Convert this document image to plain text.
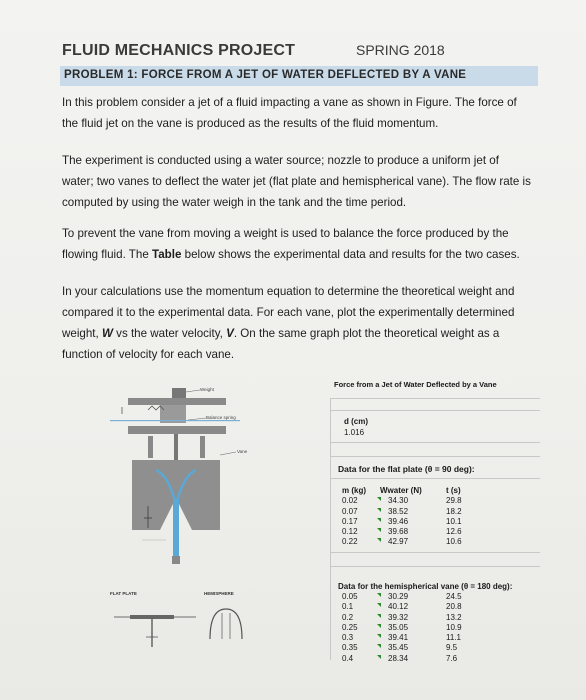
FLUID MECHANICS PROJECT	SPRING 2018
PROBLEM 1: FORCE FROM A JET OF WATER DEFLECTED BY A VANE
In this problem consider a jet of a fluid impacting a vane as shown in Figure. The force of the fluid jet on the vane is produced as the results of the fluid momentum.
The experiment is conducted using a water source; nozzle to produce a uniform jet of water; two vanes to deflect the water jet (flat plate and hemispherical vane). The flow rate is computed by using the water weigh in the tank and the time period.
To prevent the vane from moving a weight is used to balance the force produced by the flowing fluid. The Table below shows the experimental data and results for the two cases.
In your calculations use the momentum equation to determine the theoretical weight and compared it to the experimental data. For each vane, plot the experimentally determined weight, W vs the water velocity, V. On the same graph plot the theoretical weight as a function of velocity for each vane.
Weight
Balance spring
Vane
FLAT PLATE	HEMISPHERE
Force from a Jet of Water Deflected by a Vane
d (cm)
1.016
Data for the flat plate (θ = 90 deg):
m (kg) Wwater (N)	t (s)
0.02	34.30	29.8
0.07	38.52	18.2
0.17	39.46	10.1
0.12	39.68	12.6
0.22	42.97	10.6
Data for the hemispherical vane (θ = 180 deg):
0.05	30.29	24.5
0.1	40.12	20.8
0.2	39.32	13.2
0.25	35.05	10.9
0.3	39.41	11.1
0.35	35.45	9.5
0.4	28.34	7.6
